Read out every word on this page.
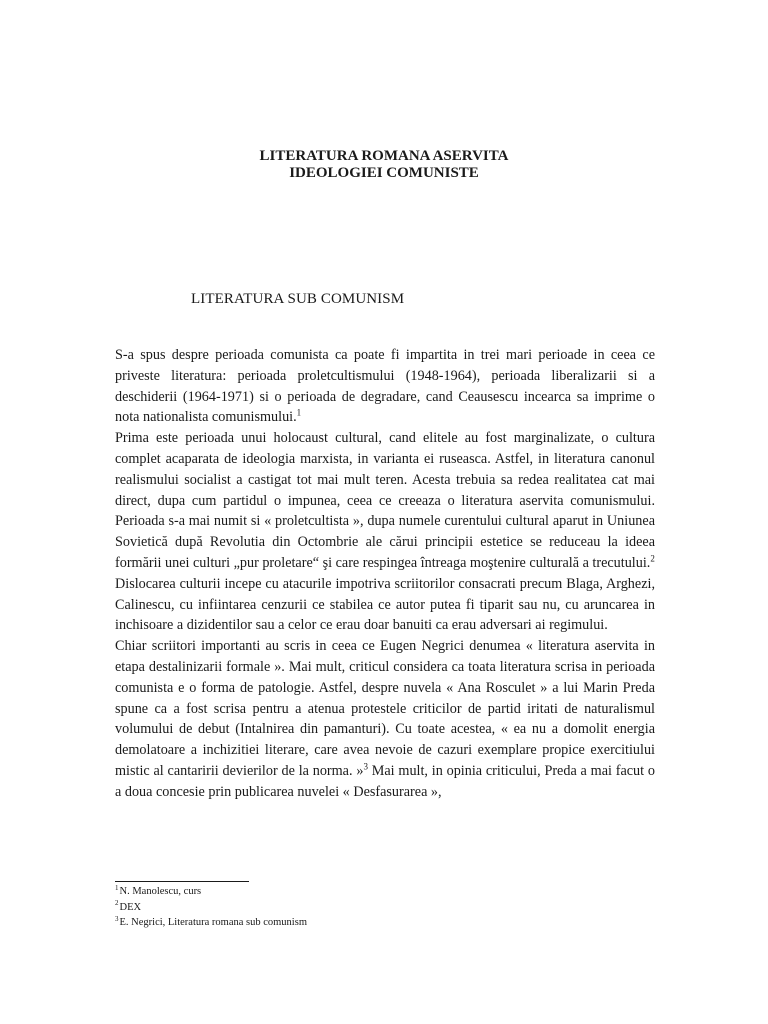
LITERATURA ROMANA ASERVITA
IDEOLOGIEI COMUNISTE
LITERATURA SUB COMUNISM

S-a spus despre perioada comunista ca poate fi impartita in trei mari perioade in ceea ce priveste literatura: perioada proletcultismului (1948-1964), perioada liberalizarii si a deschiderii (1964-1971) si o perioada de degradare, cand Ceausescu incearca sa imprime o nota nationalista comunismului.$^1$

Prima este perioada unui holocaust cultural, cand elitele au fost marginalizate, o cultura complet acaparata de ideologia marxista, in varianta ei ruseasca. Astfel, in literatura canonul realismului socialist a castigat tot mai mult teren. Acesta trebuia sa redea realitatea cat mai direct, dupa cum partidul o impunea, ceea ce creeaza o literatura aservita comunismului. Perioada s-a mai numit si « proletcultista », dupa numele curentului cultural aparut in Uniunea Sovietică după Revolutia din Octombrie ale cărui principii estetice se reduceau la ideea formării unei culturi „pur proletare“ şi care respingea întreaga moştenire culturală a trecutului.$^2$

Dislocarea culturii incepe cu atacurile impotriva scriitorilor consacrati precum Blaga, Arghezi, Calinescu, cu infiintarea cenzurii ce stabilea ce autor putea fi tiparit sau nu, cu aruncarea in inchisoare a dizidentilor sau a celor ce erau doar banuiti ca erau adversari ai regimului.

Chiar scriitori importanti au scris in ceea ce Eugen Negrici denumea « literatura aservita in etapa destalinizarii formale ». Mai mult, criticul considera ca toata literatura scrisa in perioada comunista e o forma de patologie. Astfel, despre nuvela « Ana Rosculet » a lui Marin Preda spune ca a fost scrisa pentru a atenua protestele criticilor de partid iritati de naturalismul volumului de debut (Intalnirea din pamanturi). Cu toate acestea, « ea nu a domolit energia demolatoare a inchizitiei literare, care avea nevoie de cazuri exemplare propice exercitiului mistic al cantaririi devierilor de la norma. »$^3$ Mai mult, in opinia criticului, Preda a mai facut o a doua concesie prin publicarea nuvelei « Desfasurarea »,

$^1$N. Manolescu, curs
$^2$DEX
$^3$E. Negrici, Literatura romana sub comunism
